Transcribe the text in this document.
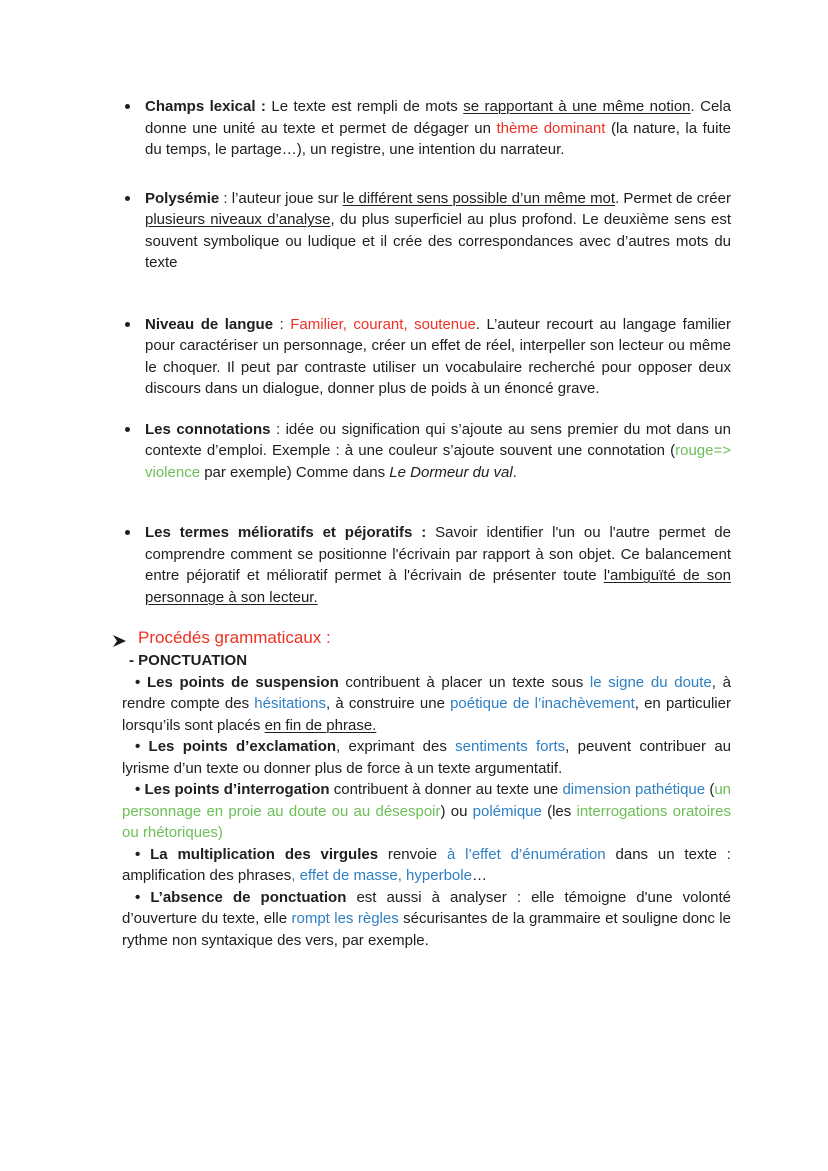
Champs lexical : Le texte est rempli de mots se rapportant à une même notion. Cela donne une unité au texte et permet de dégager un thème dominant (la nature, la fuite du temps, le partage…), un registre, une intention du narrateur.
Polysémie : l’auteur joue sur le différent sens possible d’un même mot. Permet de créer plusieurs niveaux d’analyse, du plus superficiel au plus profond. Le deuxième sens est souvent symbolique ou ludique et il crée des correspondances avec d’autres mots du texte
Niveau de langue : Familier, courant, soutenue. L’auteur recourt au langage familier pour caractériser un personnage, créer un effet de réel, interpeller son lecteur ou même le choquer. Il peut par contraste utiliser un vocabulaire recherché pour opposer deux discours dans un dialogue, donner plus de poids à un énoncé grave.
Les connotations : idée ou signification qui s’ajoute au sens premier du mot dans un contexte d’emploi. Exemple : à une couleur s’ajoute souvent une connotation (rouge=> violence par exemple) Comme dans Le Dormeur du val.
Les termes mélioratifs et péjoratifs : Savoir identifier l'un ou l'autre permet de comprendre comment se positionne l'écrivain par rapport à son objet. Ce balancement entre péjoratif et mélioratif permet à l'écrivain de présenter toute l'ambiguïté de son personnage à son lecteur.
Procédés grammaticaux :

- PONCTUATION

• Les points de suspension contribuent à placer un texte sous le signe du doute, à rendre compte des hésitations, à construire une poétique de l’inachèvement, en particulier lorsqu’ils sont placés en fin de phrase.

• Les points d’exclamation, exprimant des sentiments forts, peuvent contribuer au lyrisme d’un texte ou donner plus de force à un texte argumentatif.

• Les points d’interrogation contribuent à donner au texte une dimension pathétique (un personnage en proie au doute ou au désespoir) ou polémique (les interrogations oratoires ou rhétoriques)

• La multiplication des virgules renvoie à l’effet d’énumération dans un texte : amplification des phrases, effet de masse, hyperbole…

• L’absence de ponctuation est aussi à analyser : elle témoigne d'une volonté d’ouverture du texte, elle rompt les règles sécurisantes de la grammaire et souligne donc le rythme non syntaxique des vers, par exemple.
